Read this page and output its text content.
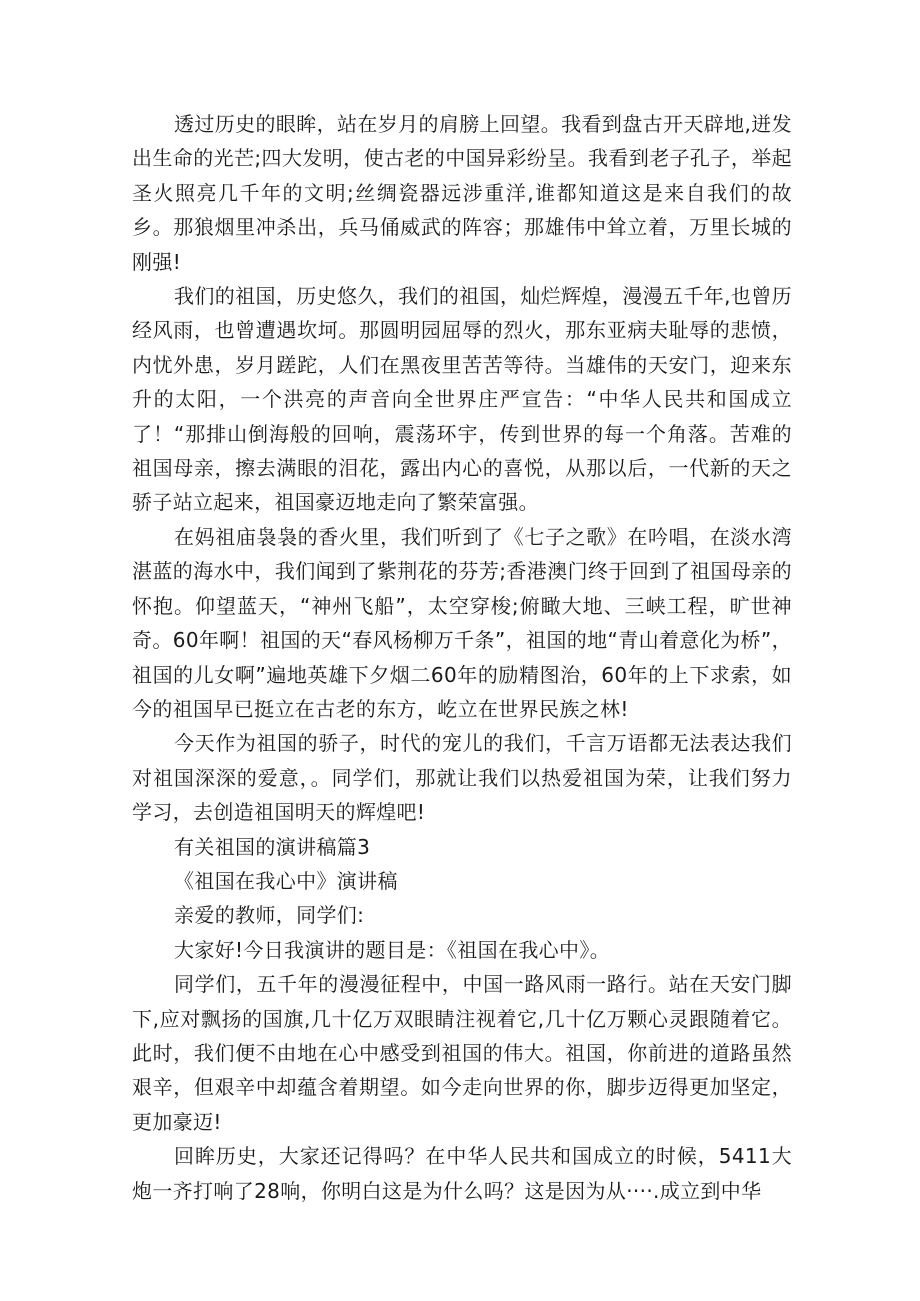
透过历史的眼眸，站在岁月的肩膀上回望。我看到盘古开天辟地,迸发出生命的光芒;四大发明，使古老的中国异彩纷呈。我看到老子孔子，举起圣火照亮几千年的文明;丝绸瓷器远涉重洋,谁都知道这是来自我们的故乡。那狼烟里冲杀出，兵马俑威武的阵容；那雄伟中耸立着，万里长城的刚强!

我们的祖国，历史悠久，我们的祖国，灿烂辉煌，漫漫五千年,也曾历经风雨，也曾遭遇坎坷。那圆明园屈辱的烈火，那东亚病夫耻辱的悲愤，内忧外患，岁月蹉跎，人们在黑夜里苦苦等待。当雄伟的天安门，迎来东升的太阳，一个洪亮的声音向全世界庄严宣告：“中华人民共和国成立了！“那排山倒海般的回响，震荡环宇，传到世界的每一个角落。苦难的祖国母亲，擦去满眼的泪花，露出内心的喜悦，从那以后，一代新的天之骄子站立起来，祖国豪迈地走向了繁荣富强。

在妈祖庙袅袅的香火里，我们听到了《七子之歌》在吟唱，在淡水湾湛蓝的海水中，我们闻到了紫荆花的芬芳;香港澳门终于回到了祖国母亲的怀抱。仰望蓝天，“神州飞船”，太空穿梭;俯瞰大地、三峡工程，旷世神奇。60年啊！祖国的天“春风杨柳万千条”，祖国的地“青山着意化为桥”，祖国的儿女啊”遍地英雄下夕烟二60年的励精图治，60年的上下求索，如今的祖国早已挺立在古老的东方，屹立在世界民族之林!

今天作为祖国的骄子，时代的宠儿的我们，千言万语都无法表达我们对祖国深深的爱意，。同学们，那就让我们以热爱祖国为荣，让我们努力学习，去创造祖国明天的辉煌吧!

有关祖国的演讲稿篇3

《祖国在我心中》演讲稿

亲爱的教师，同学们:

大家好!今日我演讲的题目是：《祖国在我心中》。

同学们，五千年的漫漫征程中，中国一路风雨一路行。站在天安门脚下,应对飘扬的国旗,几十亿万双眼睛注视着它,几十亿万颗心灵跟随着它。此时，我们便不由地在心中感受到祖国的伟大。祖国，你前进的道路虽然艰辛，但艰辛中却蕴含着期望。如今走向世界的你，脚步迈得更加坚定，更加豪迈!

回眸历史，大家还记得吗？在中华人民共和国成立的时候，5411大炮一齐打响了28响，你明白这是为什么吗？这是因为从····.成立到中华
